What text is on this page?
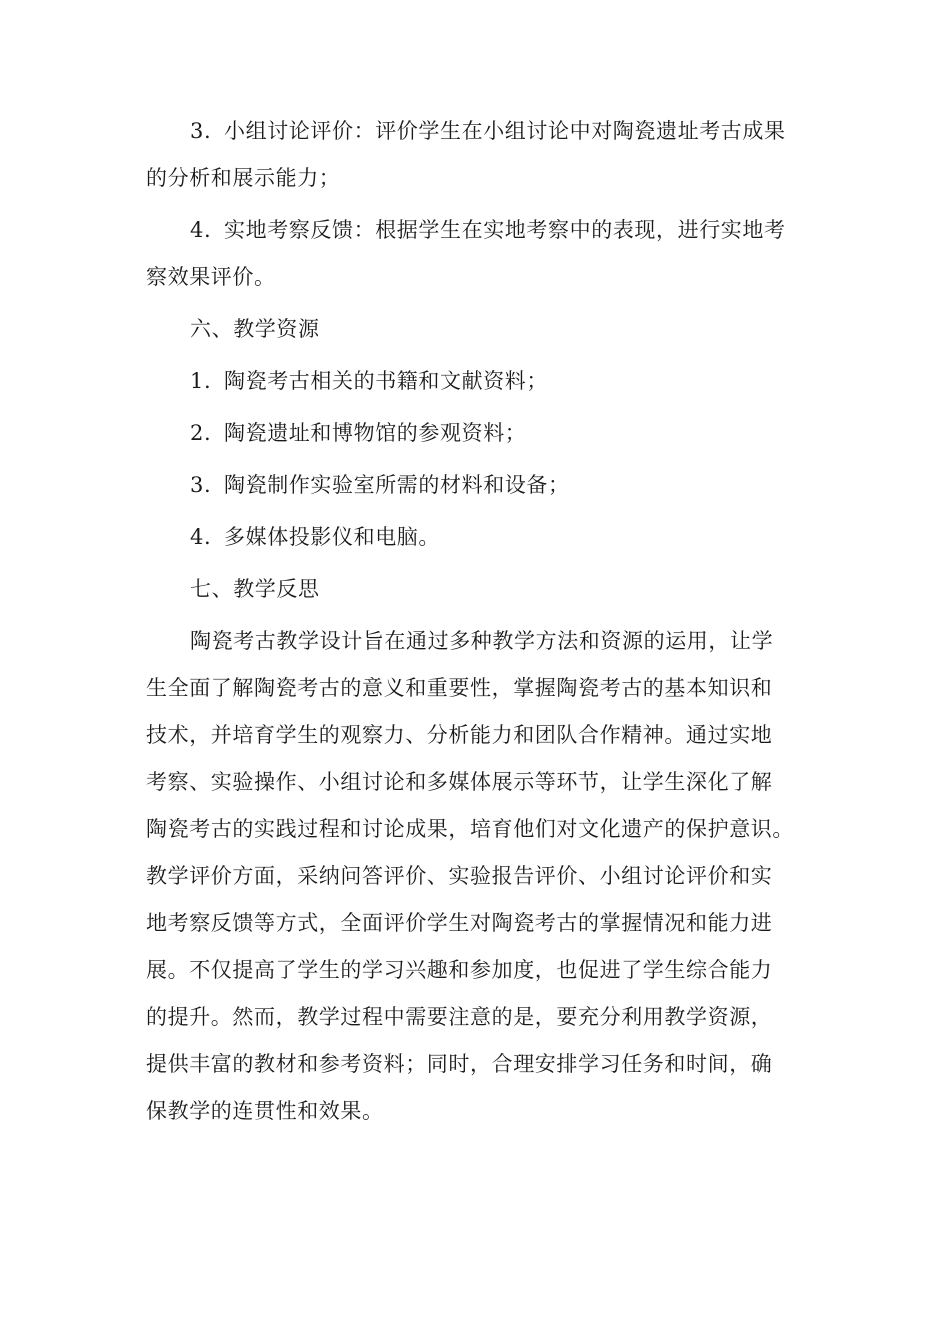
3. 小组讨论评价：评价学生在小组讨论中对陶瓷遗址考古成果
的分析和展示能力；

4. 实地考察反馈：根据学生在实地考察中的表现，进行实地考
察效果评价。

六、教学资源

1. 陶瓷考古相关的书籍和文献资料；

2. 陶瓷遗址和博物馆的参观资料；

3. 陶瓷制作实验室所需的材料和设备；

4. 多媒体投影仪和电脑。

七、教学反思

陶瓷考古教学设计旨在通过多种教学方法和资源的运用，让学
生全面了解陶瓷考古的意义和重要性，掌握陶瓷考古的基本知识和
技术，并培育学生的观察力、分析能力和团队合作精神。通过实地
考察、实验操作、小组讨论和多媒体展示等环节，让学生深化了解
陶瓷考古的实践过程和讨论成果，培育他们对文化遗产的保护意识。
教学评价方面，采纳问答评价、实验报告评价、小组讨论评价和实
地考察反馈等方式，全面评价学生对陶瓷考古的掌握情况和能力进
展。不仅提高了学生的学习兴趣和参加度，也促进了学生综合能力
的提升。然而，教学过程中需要注意的是，要充分利用教学资源，
提供丰富的教材和参考资料；同时，合理安排学习任务和时间，确
保教学的连贯性和效果。
